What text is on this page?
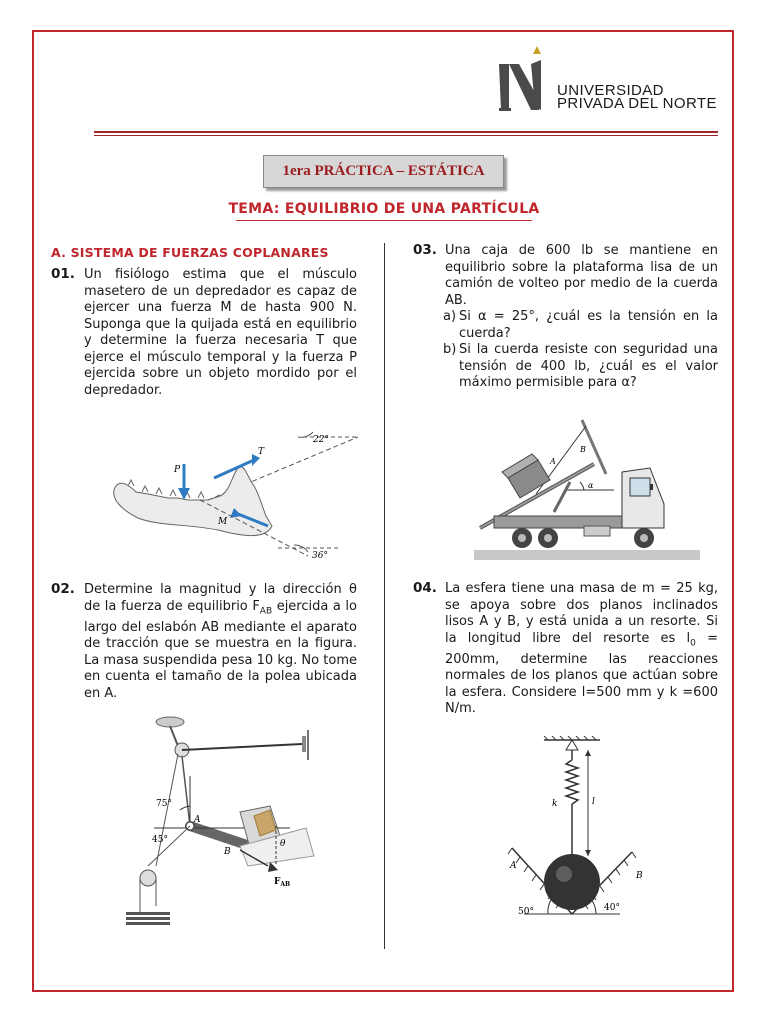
UNIVERSIDAD
PRIVADA DEL NORTE
1era PRÁCTICA – ESTÁTICA
TEMA: EQUILIBRIO DE UNA PARTÍCULA
A. SISTEMA DE FUERZAS COPLANARES
01. Un fisiólogo estima que el músculo masetero de un depredador es capaz de ejercer una fuerza M de hasta 900 N. Suponga que la quijada está en equilibrio y determine la fuerza necesaria T que ejerce el músculo temporal y la fuerza P ejercida sobre un objeto mordido por el depredador.
22°
P
T
M
36°
02. Determine la magnitud y la dirección θ de la fuerza de equilibrio $F_{AB}$ ejercida a lo largo del eslabón AB mediante el aparato de tracción que se muestra en la figura. La masa suspendida pesa 10 kg. No tome en cuenta el tamaño de la polea ubicada en A.
75°
45°
A
B
$F_{AB}$
θ
03. Una caja de 600 lb se mantiene en equilibrio sobre la plataforma lisa de un camión de volteo por medio de la cuerda AB.

a) Si α = 25°, ¿cuál es la tensión en la cuerda?
b) Si la cuerda resiste con seguridad una tensión de 400 lb, ¿cuál es el valor máximo permisible para α?
B
A
α
04. La esfera tiene una masa de m = 25 kg, se apoya sobre dos planos inclinados lisos A y B, y está unida a un resorte. Si la longitud libre del resorte es $l_0 = 200mm$, determine las reacciones normales de los planos que actúan sobre la esfera. Considere l=500 mm y k =600 N/m.
k	l
A
B
50°	40°
